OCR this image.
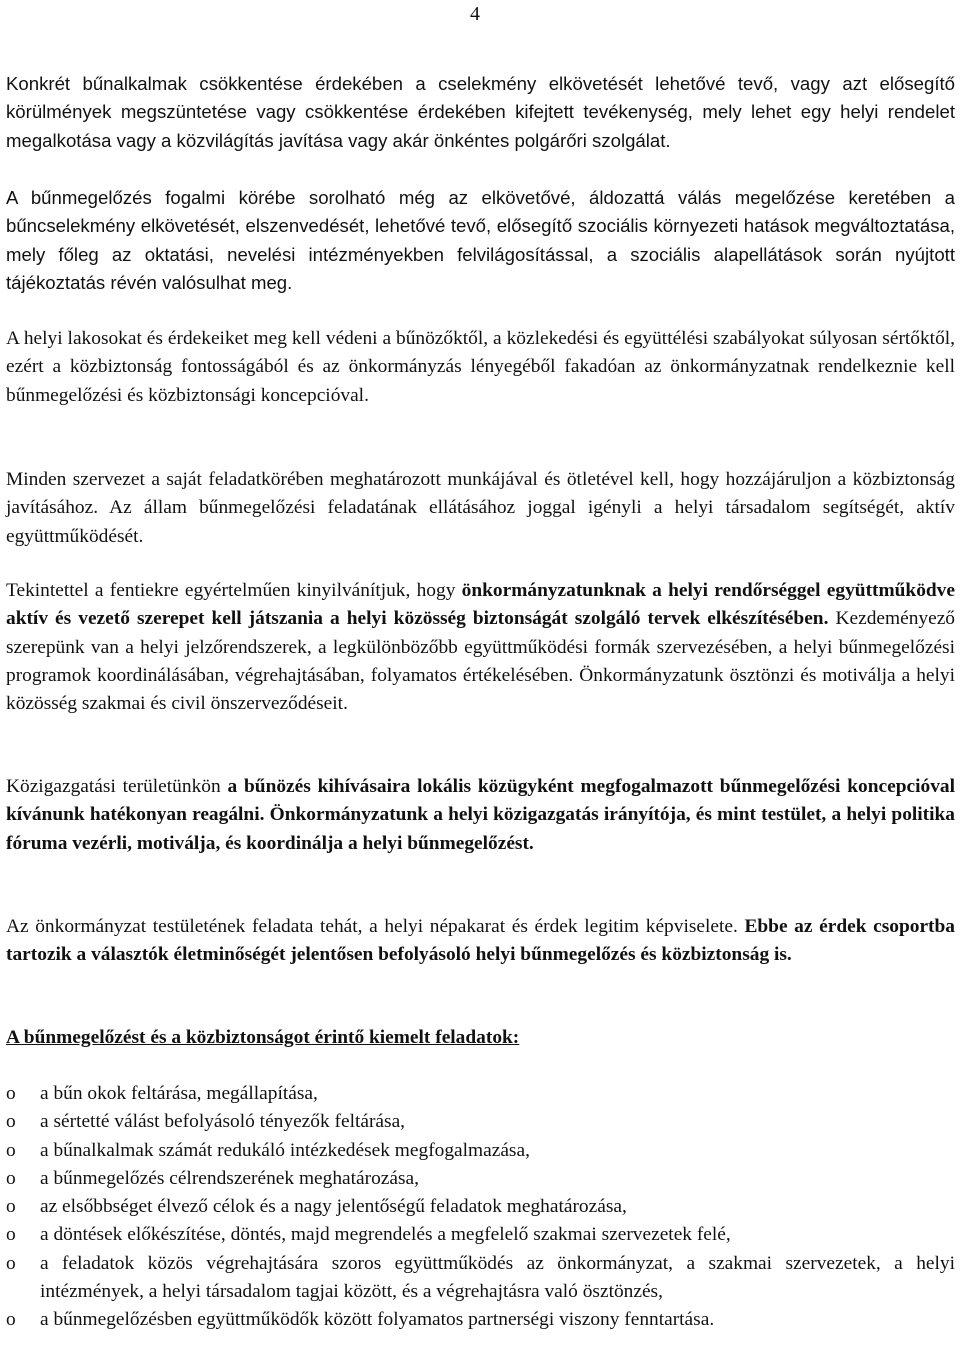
4

Konkrét bűnalkalmak csökkentése érdekében a cselekmény elkövetését lehetővé tevő, vagy azt elősegítő körülmények megszüntetése vagy csökkentése érdekében kifejtett tevékenység, mely lehet egy helyi rendelet megalkotása vagy a közvilágítás javítása vagy akár önkéntes polgárőri szolgálat.

A bűnmegelőzés fogalmi körébe sorolható még az elkövetővé, áldozattá válás megelőzése keretében a bűncselekmény elkövetését, elszenvedését, lehetővé tevő, elősegítő szociális környezeti hatások megváltoztatása, mely főleg az oktatási, nevelési intézményekben felvilágosítással, a szociális alapellátások során nyújtott tájékoztatás révén valósulhat meg.

A helyi lakosokat és érdekeiket meg kell védeni a bűnözőktől, a közlekedési és együttélési szabályokat súlyosan sértőktől, ezért a közbiztonság fontosságából és az önkormányzás lényegéből fakadóan az önkormányzatnak rendelkeznie kell bűnmegelőzési és közbiztonsági koncepcióval.

Minden szervezet a saját feladatkörében meghatározott munkájával és ötletével kell, hogy hozzájáruljon a közbiztonság javításához. Az állam bűnmegelőzési feladatának ellátásához joggal igényli a helyi társadalom segítségét, aktív együttműködését.

Tekintettel a fentiekre egyértelműen kinyilvánítjuk, hogy önkormányzatunknak a helyi rendőrséggel együttműködve aktív és vezető szerepet kell játszania a helyi közösség biztonságát szolgáló tervek elkészítésében. Kezdeményező szerepünk van a helyi jelzőrendszerek, a legkülönbözőbb együttműködési formák szervezésében, a helyi bűnmegelőzési programok koordinálásában, végrehajtásában, folyamatos értékelésében. Önkormányzatunk ösztönzi és motiválja a helyi közösség szakmai és civil önszerveződéseit.

Közigazgatási területünkön a bűnözés kihívásaira lokális közügyként megfogalmazott bűnmegelőzési koncepcióval kívánunk hatékonyan reagálni. Önkormányzatunk a helyi közigazgatás irányítója, és mint testület, a helyi politika fóruma vezérli, motiválja, és koordinálja a helyi bűnmegelőzést.

Az önkormányzat testületének feladata tehát, a helyi népakarat és érdek legitim képviselete. Ebbe az érdek csoportba tartozik a választók életminőségét jelentősen befolyásoló helyi bűnmegelőzés és közbiztonság is.

A bűnmegelőzést és a közbiztonságot érintő kiemelt feladatok:

o a bűn okok feltárása, megállapítása,
o a sértetté válást befolyásoló tényezők feltárása,
o a bűnalkalmak számát redukáló intézkedések megfogalmazása,
o a bűnmegelőzés célrendszerének meghatározása,
o az elsőbbséget élvező célok és a nagy jelentőségű feladatok meghatározása,
o a döntések előkészítése, döntés, majd megrendelés a megfelelő szakmai szervezetek felé,
o a feladatok közös végrehajtására szoros együttműködés az önkormányzat, a szakmai szervezetek, a helyi intézmények, a helyi társadalom tagjai között, és a végrehajtásra való ösztönzés,
o a bűnmegelőzésben együttműködők között folyamatos partnerségi viszony fenntartása.
